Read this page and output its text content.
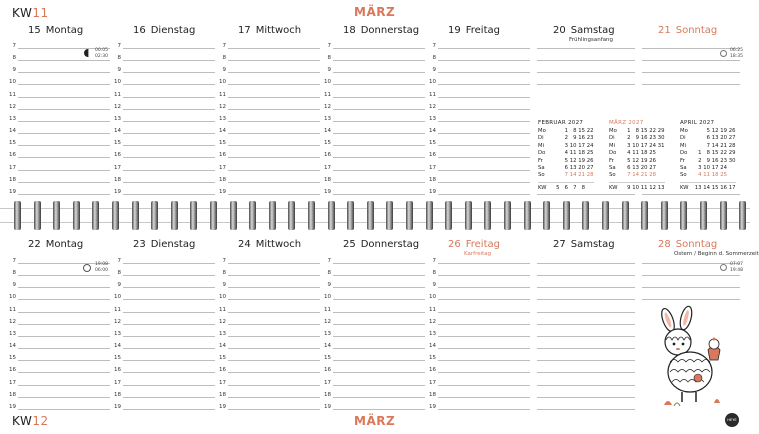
KW11	MÄRZ
15 Montag	16 Dienstag	17 Mittwoch	18 Donnerstag	19 Freitag	20 Samstag
Frühlingsanfang
21 Sonntag
22 Montag	23 Dienstag	24 Mittwoch	25 Donnerstag	26 Freitag
Karfreitag
27 Samstag	28 Sonntag
Ostern / Beginn d. Sommerzeit
7
8
9
10
11
12
13
14
15
16
17
18
19
7
8
9
10
11
12
13
14
15
16
17
18
19
7
8
9
10
11
12
13
14
15
16
17
18
19
7
8
9
10
11
12
13
14
15
16
17
18
19
7
8
9
10
11
12
13
14
15
16
17
18
19
7
8
9
10
11
12
13
14
15
16
17
18
19
7
8
9
10
11
12
13
14
15
16
17
18
19
7
8
9
10
11
12
13
14
15
16
17
18
19
7
8
9
10
11
12
13
14
15
16
17
18
19
7
8
9
10
11
12
13
14
15
16
17
18
19
00:05
02:30
06:25
18:35
19:08
06:00
07:07
19:48
FEBRUAR 2027
Mo	1 8 15 22
Di	2 9 16 23
Mi	3 10 17 24
Do	4 11 18 25
Fr	5 12 19 26
Sa	6 13 20 27
So	7 14 21 28
KW	5 6 7 8
MÄRZ 2027
Mo	1 8 15 22 29
Di	2 9 16 23 30
Mi	3 10 17 24 31
Do	4 11 18 25
Fr	5 12 19 26
Sa	6 13 20 27
So	7 14 21 28
KW	9 10 11 12 13
APRIL 2027
Mo	5 12 19 26
Di	6 13 20 27
Mi	7 14 21 28
Do	1 8 15 22 29
Fr	2 9 16 23 30
Sa	3 10 17 24
So	4 11 18 25
KW	13 14 15 16 17
KW12	MÄRZ	HEYE
